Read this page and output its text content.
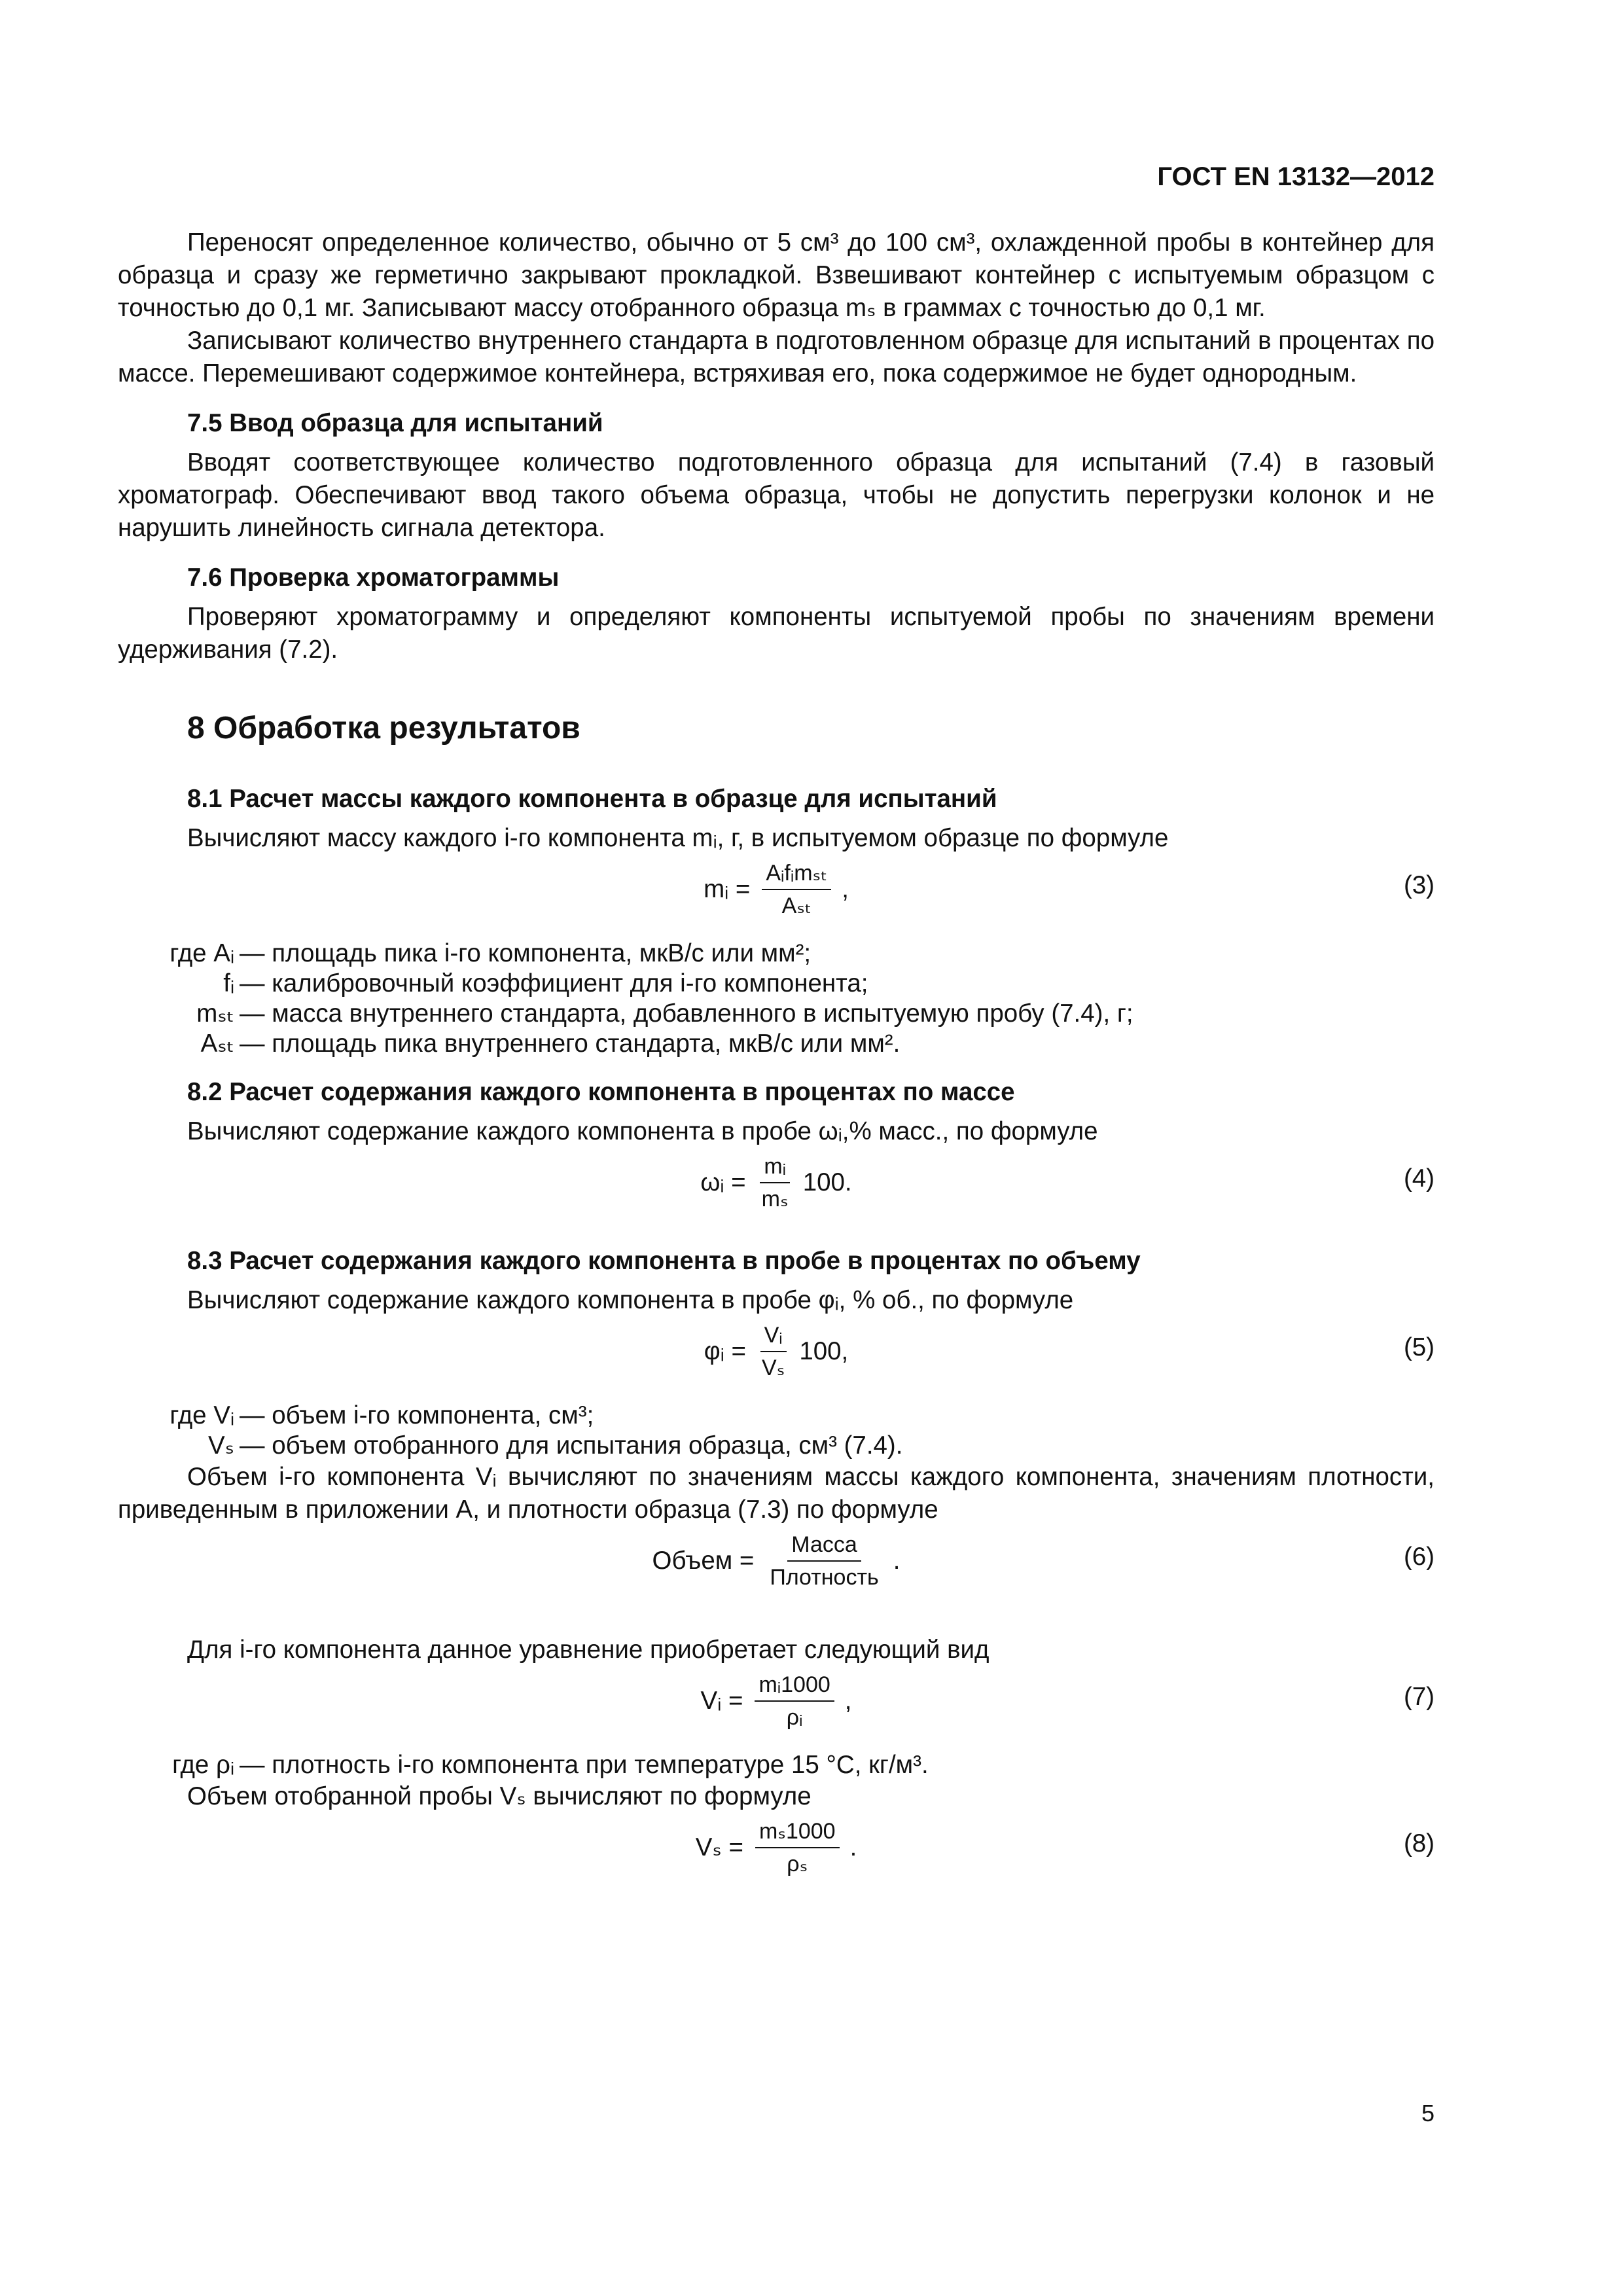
ГОСТ EN 13132—2012

Переносят определенное количество, обычно от 5 см³ до 100 см³, охлажденной пробы в контейнер для образца и сразу же герметично закрывают прокладкой. Взвешивают контейнер с испытуемым образцом с точностью до 0,1 мг. Записывают массу отобранного образца mₛ в граммах с точностью до 0,1 мг.

Записывают количество внутреннего стандарта в подготовленном образце для испытаний в процентах по массе. Перемешивают содержимое контейнера, встряхивая его, пока содержимое не будет однородным.

7.5 Ввод образца для испытаний

Вводят соответствующее количество подготовленного образца для испытаний (7.4) в газовый хроматограф. Обеспечивают ввод такого объема образца, чтобы не допустить перегрузки колонок и не нарушить линейность сигнала детектора.

7.6 Проверка хроматограммы

Проверяют хроматограмму и определяют компоненты испытуемой пробы по значениям времени удерживания (7.2).

8 Обработка результатов
8.1 Расчет массы каждого компонента в образце для испытаний

Вычисляют массу каждого i-го компонента mᵢ, г, в испытуемом образце по формуле

mᵢ = $\frac{\text{Aᵢfᵢmₛₜ}}{\text{Aₛₜ}}$ ,	(3)
где Aᵢ — площадь пика i-го компонента, мкВ/с или мм²;
fᵢ — калибровочный коэффициент для i-го компонента;
mₛₜ — масса внутреннего стандарта, добавленного в испытуемую пробу (7.4), г;
Aₛₜ — площадь пика внутреннего стандарта, мкВ/с или мм².
8.2 Расчет содержания каждого компонента в процентах по массе

Вычисляют содержание каждого компонента в пробе ωᵢ,% масс., по формуле

ωᵢ = $\frac{\text{mᵢ}}{\text{mₛ}} 100$.	(4)
8.3 Расчет содержания каждого компонента в пробе в процентах по объему

Вычисляют содержание каждого компонента в пробе φᵢ, % об., по формуле

φᵢ = $\frac{\text{Vᵢ}}{\text{Vₛ}} 100$,	(5)
где Vᵢ — объем i-го компонента, см³;
Vₛ — объем отобранного для испытания образца, см³ (7.4).

Объем i-го компонента Vᵢ вычисляют по значениям массы каждого компонента, значениям плотности, приведенным в приложении А, и плотности образца (7.3) по формуле

Объем = $\frac{\text{Масса}}{\text{Плотность}}$ .	(6)

Для i-го компонента данное уравнение приобретает следующий вид

Vᵢ = $\frac{\text{mᵢ1000}}{\text{ρᵢ}}$ ,	(7)
где ρᵢ — плотность i-го компонента при температуре 15 °С, кг/м³.

Объем отобранной пробы Vₛ вычисляют по формуле

$V_s = \frac{\text{mₛ1000}}{\text{ρₛ}}$ .	(8)
5
